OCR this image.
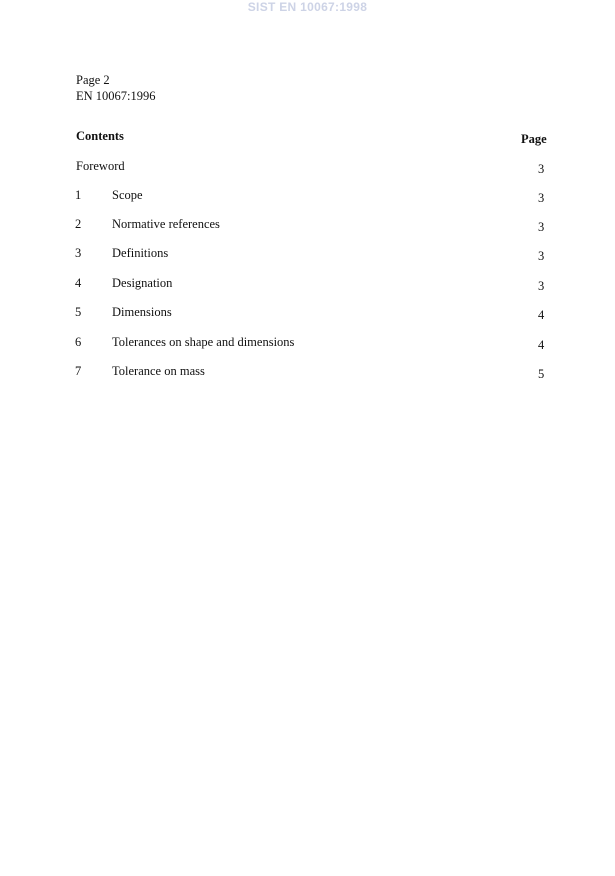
SIST EN 10067:1998
Page 2
EN 10067:1996
Contents	Page
Foreword	3
1 Scope	3
2 Normative references	3
3 Definitions	3
4 Designation	3
5 Dimensions	4
6 Tolerances on shape and dimensions	4
7 Tolerance on mass	5
